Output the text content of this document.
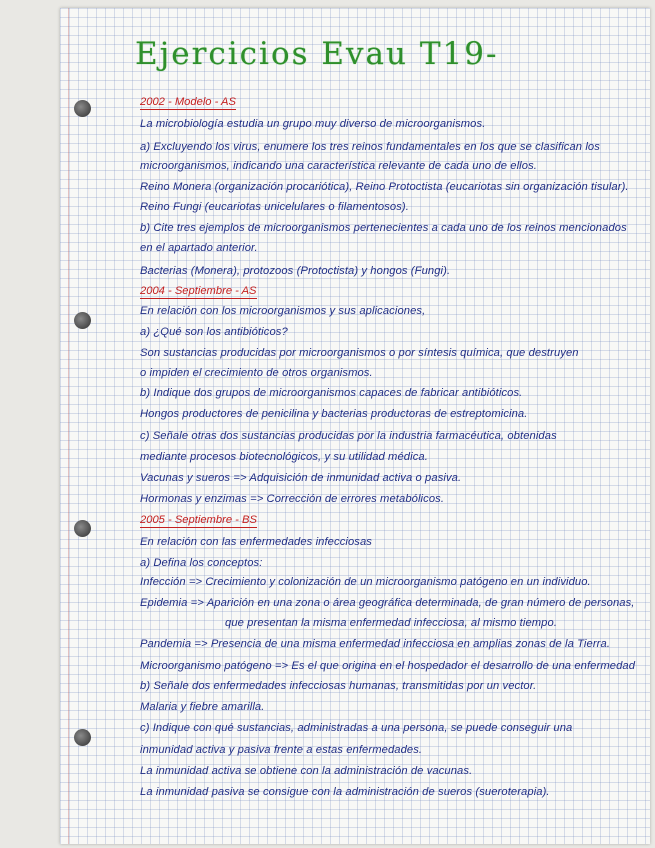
Ejercicios Evau T19-

2002 - Modelo - AS

La microbiología estudia un grupo muy diverso de microorganismos.

a) Excluyendo los virus, enumere los tres reinos fundamentales en los que se clasifican los

microorganismos, indicando una característica relevante de cada uno de ellos.

Reino Monera (organización procariótica), Reino Protoctista (eucariotas sin organización tisular).

Reino Fungi (eucariotas unicelulares o filamentosos).

b) Cite tres ejemplos de microorganismos pertenecientes a cada uno de los reinos mencionados

en el apartado anterior.

Bacterias (Monera), protozoos (Protoctista) y hongos (Fungi).

2004 - Septiembre - AS

En relación con los microorganismos y sus aplicaciones,

a) ¿Qué son los antibióticos?

Son sustancias producidas por microorganismos o por síntesis química, que destruyen

o impiden el crecimiento de otros organismos.

b) Indique dos grupos de microorganismos capaces de fabricar antibióticos.

Hongos productores de penicilina y bacterias productoras de estreptomicina.

c) Señale otras dos sustancias producidas por la industria farmacéutica, obtenidas

mediante procesos biotecnológicos, y su utilidad médica.

Vacunas y sueros => Adquisición de inmunidad activa o pasiva.

Hormonas y enzimas => Corrección de errores metabólicos.

2005 - Septiembre - BS

En relación con las enfermedades infecciosas

a) Defina los conceptos:

Infección => Crecimiento y colonización de un microorganismo patógeno en un individuo.

Epidemia => Aparición en una zona o área geográfica determinada, de gran número de personas,

que presentan la misma enfermedad infecciosa, al mismo tiempo.

Pandemia => Presencia de una misma enfermedad infecciosa en amplias zonas de la Tierra.

Microorganismo patógeno => Es el que origina en el hospedador el desarrollo de una enfermedad

b) Señale dos enfermedades infecciosas humanas, transmitidas por un vector.

Malaria y fiebre amarilla.

c) Indique con qué sustancias, administradas a una persona, se puede conseguir una

inmunidad activa y pasiva frente a estas enfermedades.

La inmunidad activa se obtiene con la administración de vacunas.

La inmunidad pasiva se consigue con la administración de sueros (sueroterapia).
